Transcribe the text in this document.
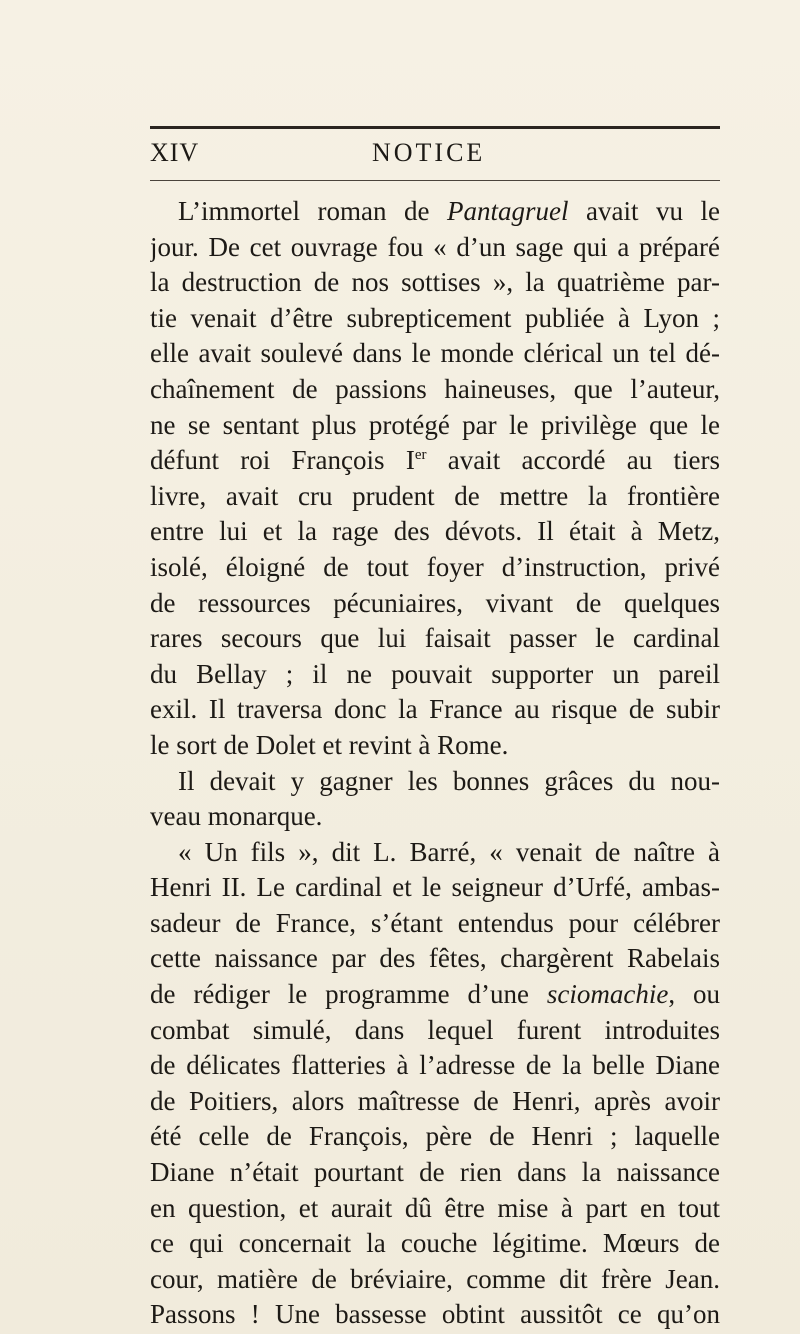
XIV	NOTICE
L’immortel roman de Pantagruel avait vu le
jour. De cet ouvrage fou « d’un sage qui a préparé
la destruction de nos sottises », la quatrième par-
tie venait d’être subrepticement publiée à Lyon ;
elle avait soulevé dans le monde clérical un tel dé-
chaînement de passions haineuses, que l’auteur,
ne se sentant plus protégé par le privilège que le
défunt roi François Ier avait accordé au tiers
livre, avait cru prudent de mettre la frontière
entre lui et la rage des dévots. Il était à Metz,
isolé, éloigné de tout foyer d’instruction, privé
de ressources pécuniaires, vivant de quelques
rares secours que lui faisait passer le cardinal
du Bellay ; il ne pouvait supporter un pareil
exil. Il traversa donc la France au risque de subir
le sort de Dolet et revint à Rome.
Il devait y gagner les bonnes grâces du nou-
veau monarque.
« Un fils », dit L. Barré, « venait de naître à
Henri II. Le cardinal et le seigneur d’Urfé, ambas-
sadeur de France, s’étant entendus pour célébrer
cette naissance par des fêtes, chargèrent Rabelais
de rédiger le programme d’une sciomachie, ou
combat simulé, dans lequel furent introduites
de délicates flatteries à l’adresse de la belle Diane
de Poitiers, alors maîtresse de Henri, après avoir
été celle de François, père de Henri ; laquelle
Diane n’était pourtant de rien dans la naissance
en question, et aurait dû être mise à part en tout
ce qui concernait la couche légitime. Mœurs de
cour, matière de bréviaire, comme dit frère Jean.
Passons ! Une bassesse obtint aussitôt ce qu’on
